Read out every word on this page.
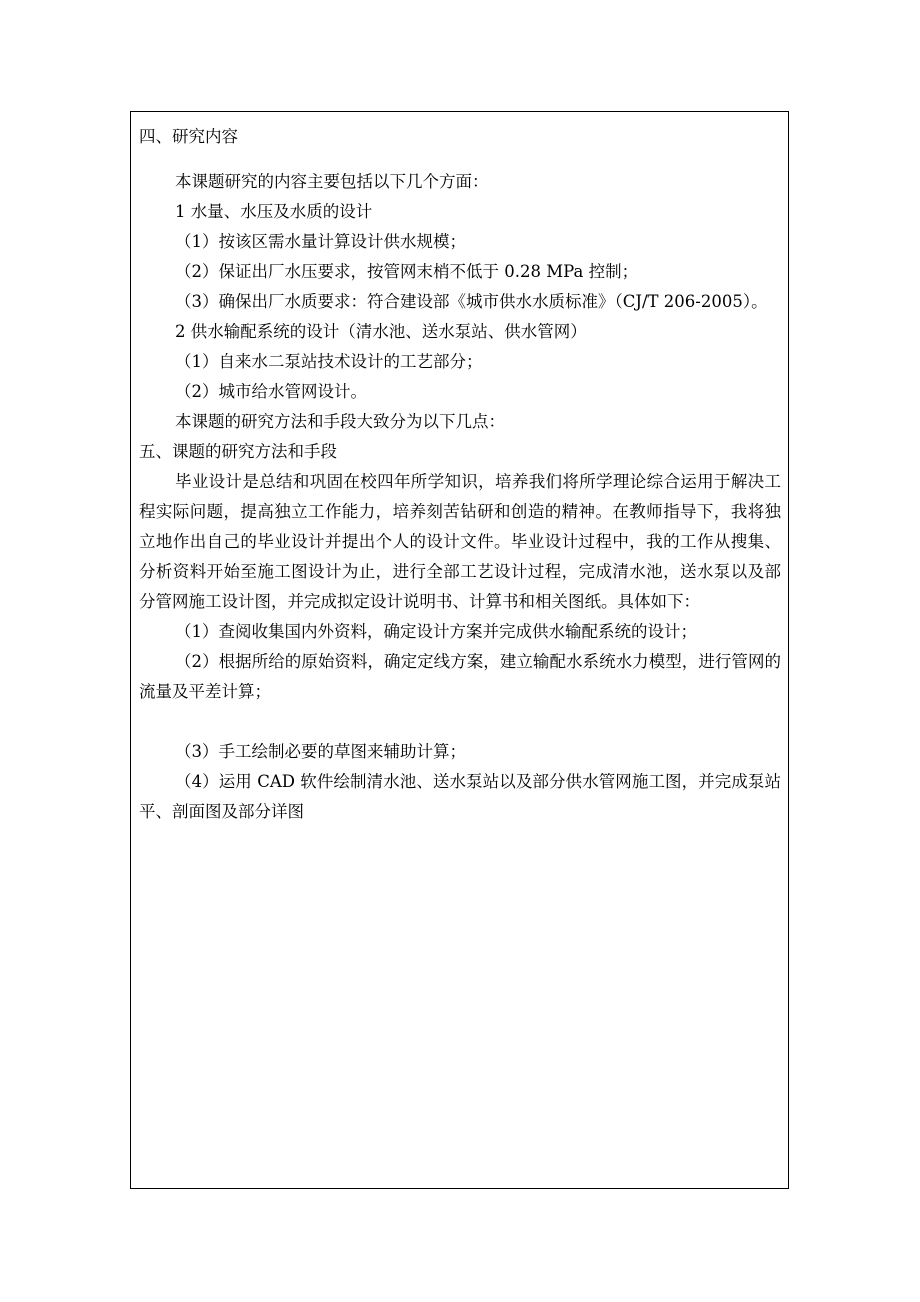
四、研究内容

本课题研究的内容主要包括以下几个方面：

1 水量、水压及水质的设计

（1）按该区需水量计算设计供水规模；

（2）保证出厂水压要求，按管网末梢不低于 0.28 MPa 控制；

（3）确保出厂水质要求：符合建设部《城市供水水质标准》（CJ/T 206-2005）。

2 供水输配系统的设计（清水池、送水泵站、供水管网）

（1）自来水二泵站技术设计的工艺部分；

（2）城市给水管网设计。

本课题的研究方法和手段大致分为以下几点：

五、课题的研究方法和手段

毕业设计是总结和巩固在校四年所学知识，培养我们将所学理论综合运用于解决工程实际问题，提高独立工作能力，培养刻苦钻研和创造的精神。在教师指导下，我将独立地作出自己的毕业设计并提出个人的设计文件。毕业设计过程中，我的工作从搜集、分析资料开始至施工图设计为止，进行全部工艺设计过程，完成清水池，送水泵以及部分管网施工设计图，并完成拟定设计说明书、计算书和相关图纸。具体如下：

（1）查阅收集国内外资料，确定设计方案并完成供水输配系统的设计；

（2）根据所给的原始资料，确定定线方案，建立输配水系统水力模型，进行管网的流量及平差计算；

（3）手工绘制必要的草图来辅助计算；

（4）运用 CAD 软件绘制清水池、送水泵站以及部分供水管网施工图，并完成泵站平、剖面图及部分详图
